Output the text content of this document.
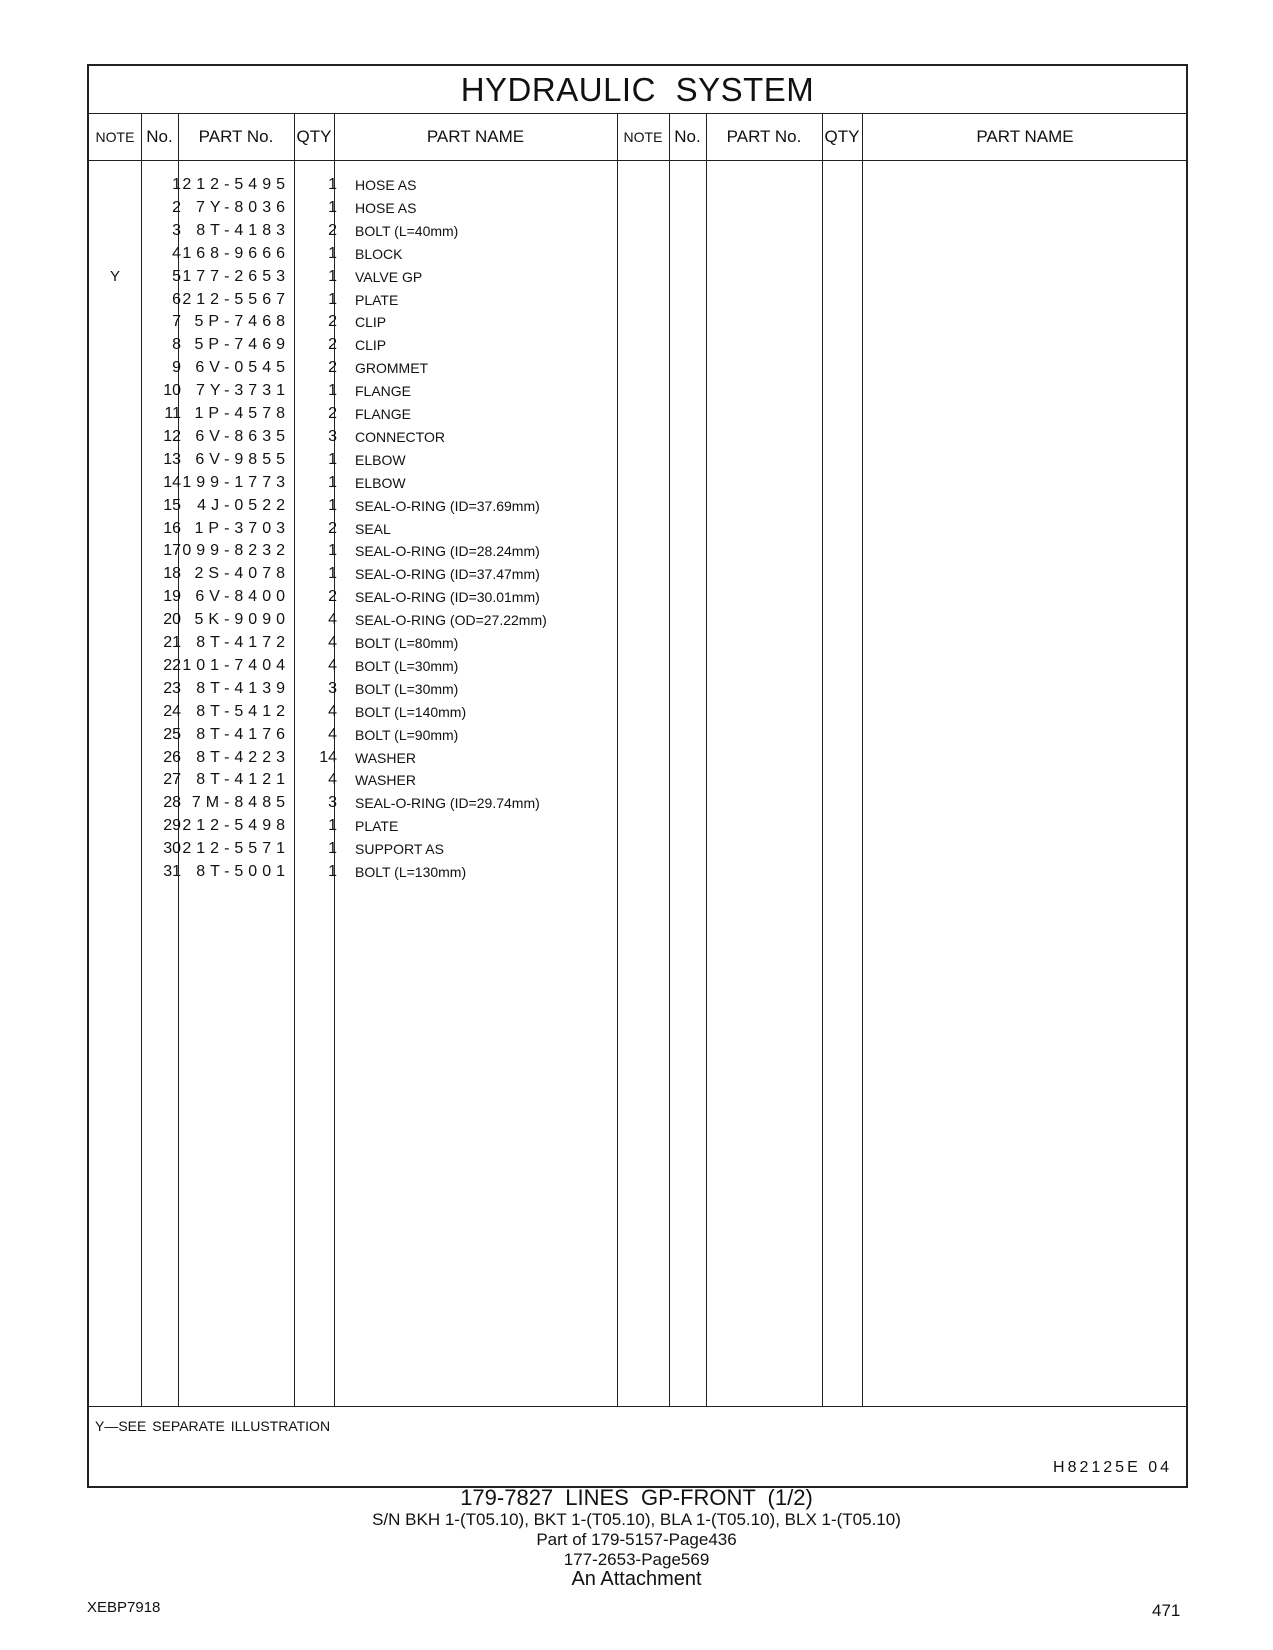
HYDRAULIC SYSTEM
NOTE No.	PART No.	QTY	PART NAME	NOTE No.	PART No.	QTY	PART NAME
1 212-5495	1 HOSE AS
2 7Y-8036	1 HOSE AS
3 8T-4183	2 BOLT (L=40mm)
4 168-9666	1 BLOCK
Y	5 177-2653	1 VALVE GP
6 212-5567	1 PLATE
7 5P-7468	2 CLIP
8 5P-7469	2 CLIP
9 6V-0545	2 GROMMET
10 7Y-3731	1 FLANGE
11 1P-4578	2 FLANGE
12 6V-8635	3 CONNECTOR
13 6V-9855	1 ELBOW
14 199-1773	1 ELBOW
15	4J-0522	1 SEAL-O-RING (ID=37.69mm)
16 1P-3703	2 SEAL
17 099-8232	1 SEAL-O-RING (ID=28.24mm)
18 2S-4078	1 SEAL-O-RING (ID=37.47mm)
19 6V-8400	2 SEAL-O-RING (ID=30.01mm)
20 5K-9090	4 SEAL-O-RING (OD=27.22mm)
21 8T-4172	4 BOLT (L=80mm)
22 101-7404	4 BOLT (L=30mm)
23 8T-4139	3 BOLT (L=30mm)
24 8T-5412	4 BOLT (L=140mm)
25 8T-4176	4 BOLT (L=90mm)
26 8T-4223	14 WASHER
27 8T-4121	4 WASHER
28 7M-8485	3 SEAL-O-RING (ID=29.74mm)
29 212-5498	1 PLATE
30 212-5571	1 SUPPORT AS
31 8T-5001	1 BOLT (L=130mm)
Y—SEE SEPARATE ILLUSTRATION
H82125E 04
179-7827 LINES GP-FRONT (1/2)
S/N BKH 1-(T05.10), BKT 1-(T05.10), BLA 1-(T05.10), BLX 1-(T05.10)
Part of 179-5157-Page436
177-2653-Page569
An Attachment
XEBP7918	471
